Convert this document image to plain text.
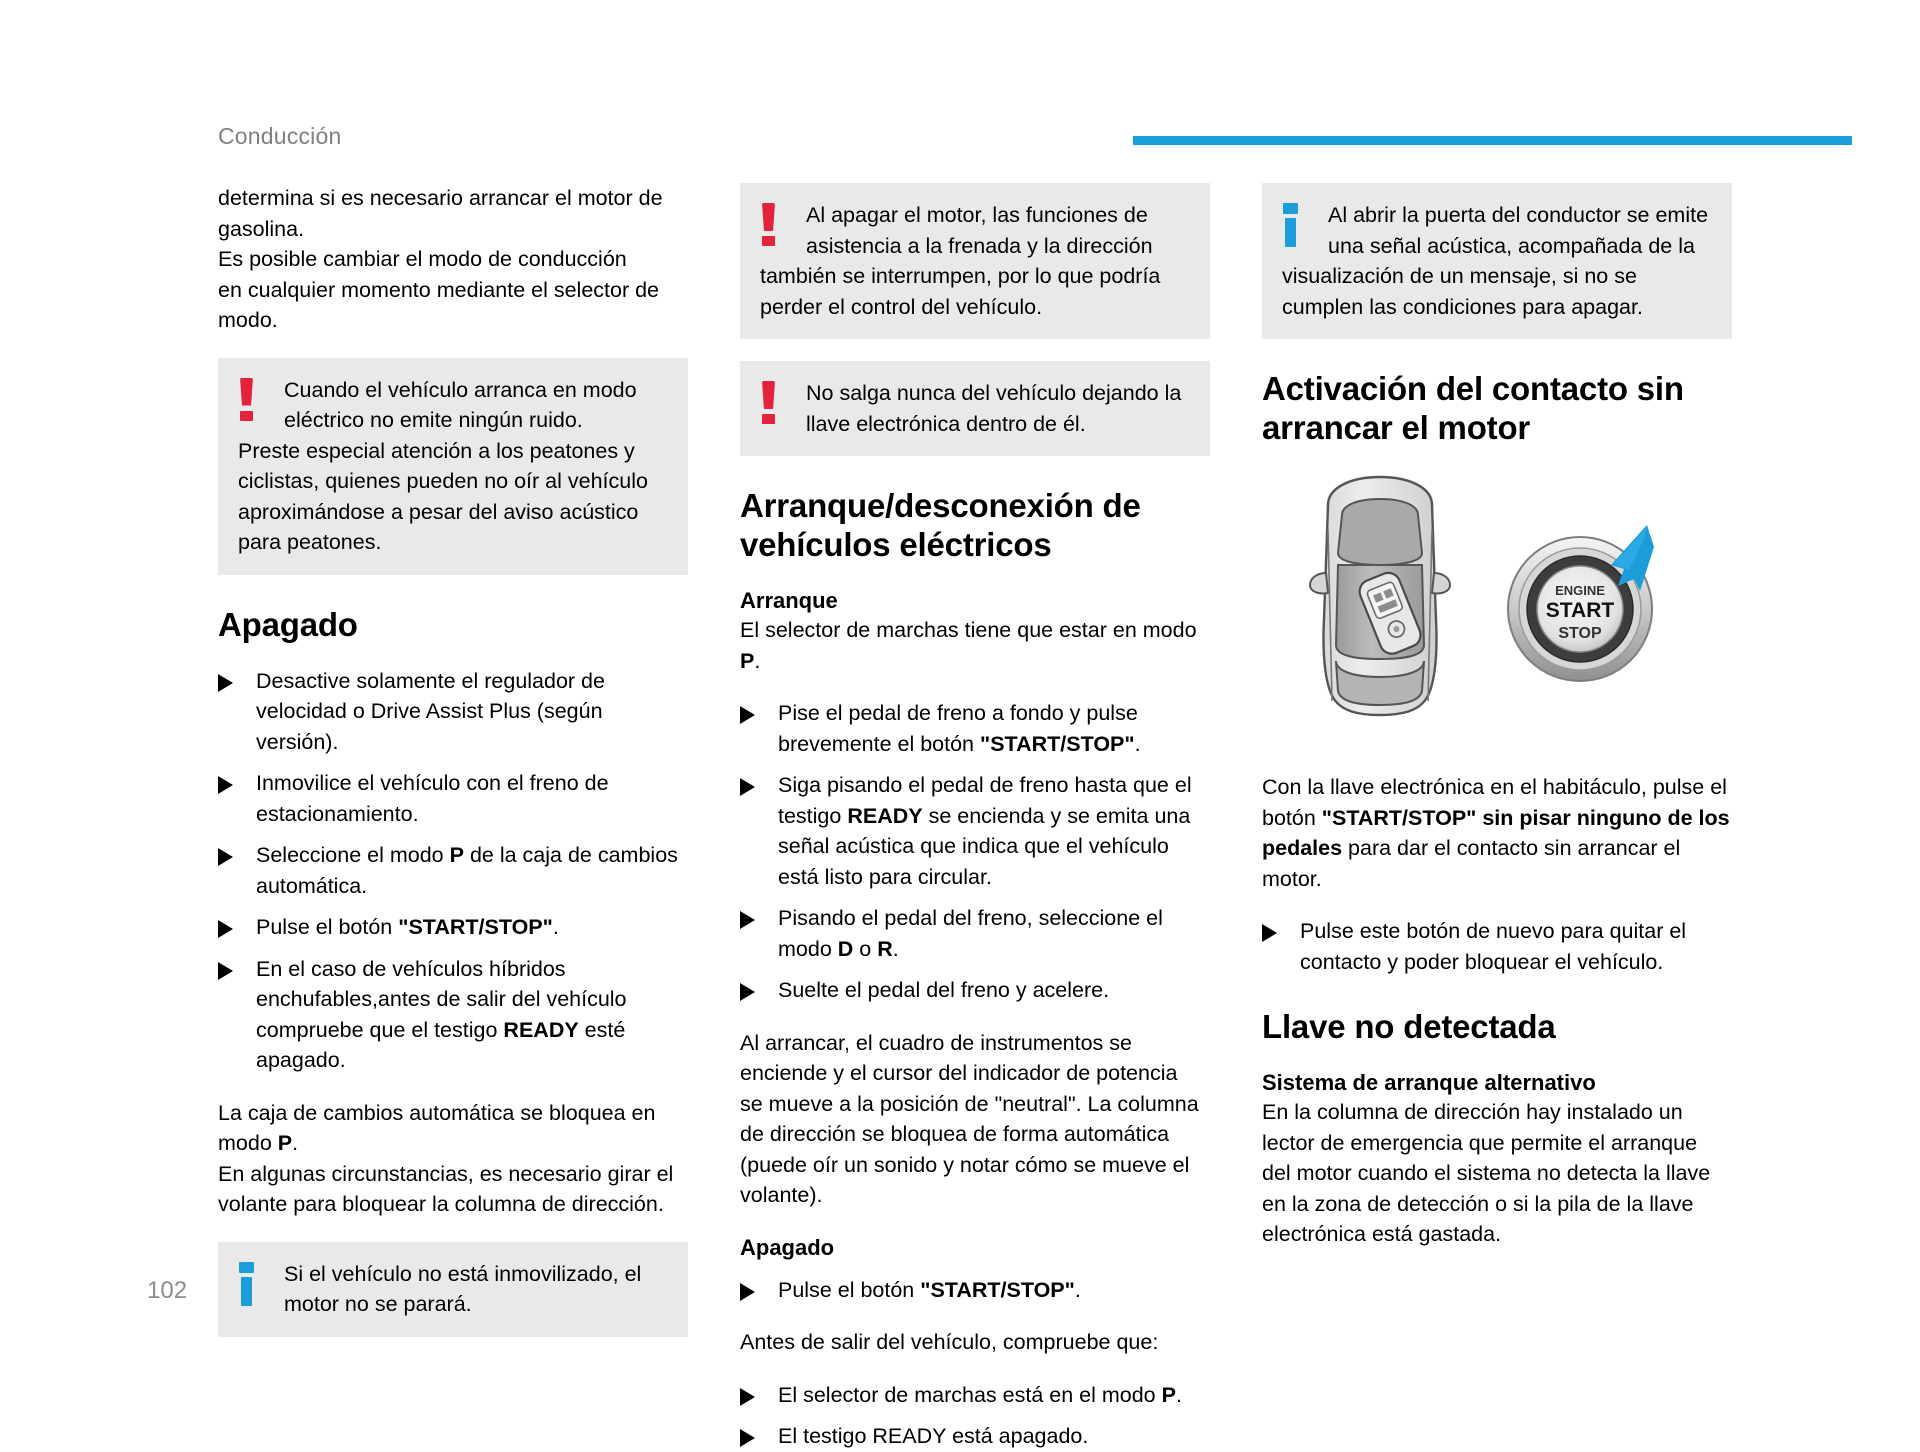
Conducción

determina si es necesario arrancar el motor de
gasolina.
Es posible cambiar el modo de conducción
en cualquier momento mediante el selector de
modo.

Cuando el vehículo arranca en modo
eléctrico no emite ningún ruido.
Preste especial atención a los peatones y
ciclistas, quienes pueden no oír al vehículo
aproximándose a pesar del aviso acústico
para peatones.

Apagado
Desactive solamente el regulador de velocidad o Drive Assist Plus (según versión).
Inmovilice el vehículo con el freno de estacionamiento.
Seleccione el modo P de la caja de cambios automática.
Pulse el botón "START/STOP".
En el caso de vehículos híbridos enchufables,antes de salir del vehículo compruebe que el testigo READY esté apagado.

La caja de cambios automática se bloquea en
modo P.
En algunas circunstancias, es necesario girar el
volante para bloquear la columna de dirección.

Si el vehículo no está inmovilizado, el
motor no se parará.

Al apagar el motor, las funciones de
asistencia a la frenada y la dirección
también se interrumpen, por lo que podría
perder el control del vehículo.

No salga nunca del vehículo dejando la
llave electrónica dentro de él.

Arranque/desconexión de vehículos eléctricos
Arranque

El selector de marchas tiene que estar en modo
P.

Pise el pedal de freno a fondo y pulse brevemente el botón "START/STOP".
Siga pisando el pedal de freno hasta que el testigo READY se encienda y se emita una señal acústica que indica que el vehículo está listo para circular.
Pisando el pedal del freno, seleccione el modo D o R.
Suelte el pedal del freno y acelere.

Al arrancar, el cuadro de instrumentos se
enciende y el cursor del indicador de potencia
se mueve a la posición de "neutral". La columna
de dirección se bloquea de forma automática
(puede oír un sonido y notar cómo se mueve el
volante).

Apagado
Pulse el botón "START/STOP".

Antes de salir del vehículo, compruebe que:

El selector de marchas está en el modo P.
El testigo READY está apagado.

Al abrir la puerta del conductor se emite
una señal acústica, acompañada de la
visualización de un mensaje, si no se
cumplen las condiciones para apagar.

Activación del contacto sin arrancar el motor
ENGINE
START
STOP

Con la llave electrónica en el habitáculo, pulse el botón "START/STOP" sin pisar ninguno de los pedales para dar el contacto sin arrancar el motor.

Pulse este botón de nuevo para quitar el contacto y poder bloquear el vehículo.
Llave no detectada
Sistema de arranque alternativo

En la columna de dirección hay instalado un
lector de emergencia que permite el arranque
del motor cuando el sistema no detecta la llave
en la zona de detección o si la pila de la llave
electrónica está gastada.

102
